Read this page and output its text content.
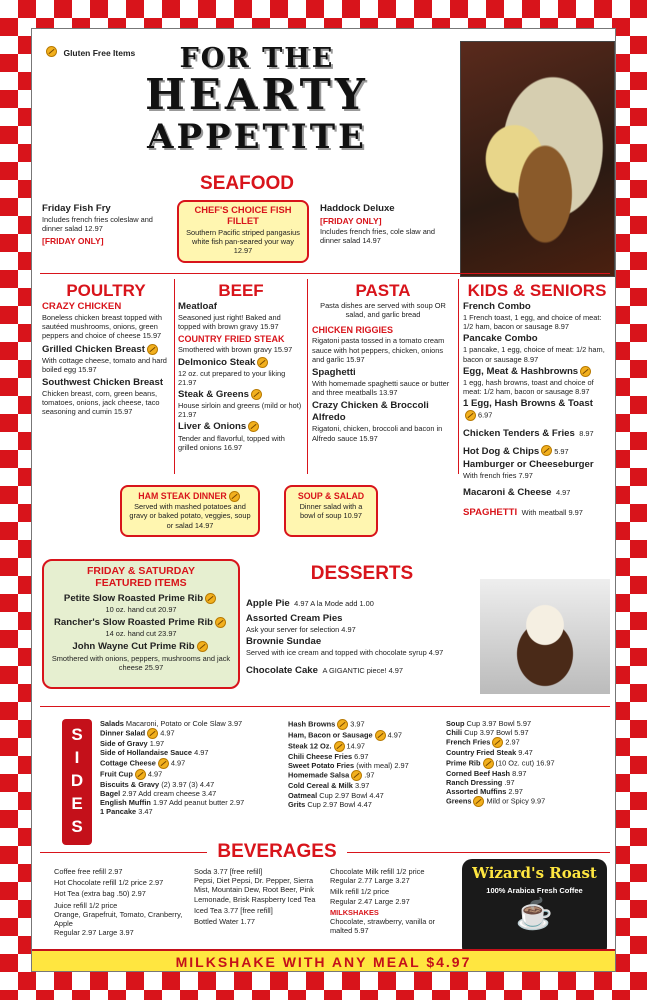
Gluten Free Items	FOR THE
HEARTY
APPETITE
SEAFOOD
Friday Fish Fry
Includes french fries coleslaw and dinner salad 12.97
[FRIDAY ONLY]
CHEF'S CHOICE FISH FILLET
Southern Pacific striped pangasius white fish pan-seared your way 12.97
Haddock Deluxe
[FRIDAY ONLY]
Includes french fries, cole slaw and dinner salad 14.97
POULTRY
CRAZY CHICKEN
Boneless chicken breast topped with sautéed mushrooms, onions, green peppers and choice of cheese 15.97
Grilled Chicken Breast
With cottage cheese, tomato and hard boiled egg 15.97
Southwest Chicken Breast
Chicken breast, corn, green beans, tomatoes, onions, jack cheese, taco seasoning and cumin 15.97
BEEF
Meatloaf
Seasoned just right! Baked and topped with brown gravy 15.97
COUNTRY FRIED STEAK
Smothered with brown gravy 15.97
Delmonico Steak
12 oz. cut prepared to your liking 21.97
Steak & Greens
House sirloin and greens (mild or hot) 21.97
Liver & Onions
Tender and flavorful, topped with grilled onions 16.97
PASTA
Pasta dishes are served with soup OR salad, and garlic bread
CHICKEN RIGGIES
Rigatoni pasta tossed in a tomato cream sauce with hot peppers, chicken, onions and garlic 15.97
Spaghetti
With homemade spaghetti sauce or butter and three meatballs 13.97
Crazy Chicken & Broccoli Alfredo
Rigatoni, chicken, broccoli and bacon in Alfredo sauce 15.97
KIDS & SENIORS
French Combo
1 French toast, 1 egg, and choice of meat: 1/2 ham, bacon or sausage 8.97
Pancake Combo
1 pancake, 1 egg, choice of meat: 1/2 ham, bacon or sausage 8.97
Egg, Meat & Hashbrowns
1 egg, hash browns, toast and choice of meat: 1/2 ham, bacon or sausage 8.97
1 Egg, Hash Browns & Toast
6.97
Chicken Tenders & Fries 8.97
Hot Dog & Chips 5.97
Hamburger or Cheeseburger
With french fries 7.97
Macaroni & Cheese 4.97
SPAGHETTI With meatball 9.97
HAM STEAK DINNER
Served with mashed potatoes and gravy or baked potato, veggies, soup or salad 14.97
SOUP & SALAD
Dinner salad with a bowl of soup 10.97
FRIDAY & SATURDAY FEATURED ITEMS
Petite Slow Roasted Prime Rib
10 oz. hand cut 20.97
Rancher's Slow Roasted Prime Rib
14 oz. hand cut 23.97
John Wayne Cut Prime Rib
Smothered with onions, peppers, mushrooms and jack cheese 25.97
DESSERTS
Apple Pie 4.97 A la Mode add 1.00
Assorted Cream Pies
Ask your server for selection 4.97
Brownie Sundae
Served with ice cream and topped with chocolate syrup 4.97
Chocolate Cake A GIGANTIC piece! 4.97
S
I
D
E
S
Salads Macaroni, Potato or Cole Slaw 3.97
Dinner Salad 4.97
Side of Gravy 1.97
Side of Hollandaise Sauce 4.97
Cottage Cheese 4.97
Fruit Cup 4.97
Biscuits & Gravy (2) 3.97 (3) 4.47
Bagel 2.97 Add cream cheese 3.47
English Muffin 1.97 Add peanut butter 2.97
1 Pancake 3.47
Hash Browns 3.97
Ham, Bacon or Sausage 4.97
Steak 12 Oz. 14.97
Chili Cheese Fries 6.97
Sweet Potato Fries (with meal) 2.97
Homemade Salsa .97
Cold Cereal & Milk 3.97
Oatmeal Cup 2.97 Bowl 4.47
Grits Cup 2.97 Bowl 4.47
Soup Cup 3.97 Bowl 5.97
Chili Cup 3.97 Bowl 5.97
French Fries 2.97
Country Fried Steak 9.47
Prime Rib (10 Oz. cut) 16.97
Corned Beef Hash 8.97
Ranch Dressing .97
Assorted Muffins 2.97
Greens Mild or Spicy 9.97
BEVERAGES
Coffee free refill 2.97
Hot Chocolate refill 1/2 price 2.97
Hot Tea (extra bag .50) 2.97
Juice refill 1/2 price
Orange, Grapefruit, Tomato, Cranberry, Apple
Regular 2.97 Large 3.97
Soda 3.77 [free refill]
Pepsi, Diet Pepsi, Dr. Pepper, Sierra Mist, Mountain Dew, Root Beer, Pink Lemonade, Brisk Raspberry Iced Tea
Iced Tea 3.77 [free refill]
Bottled Water 1.77
Chocolate Milk refill 1/2 price
Regular 2.77 Large 3.27
Milk refill 1/2 price
Regular 2.47 Large 2.97
MILKSHAKES
Chocolate, strawberry, vanilla or malted 5.97
Wizard's Roast
100% Arabica Fresh Coffee
☕
MILKSHAKE WITH ANY MEAL $4.97
